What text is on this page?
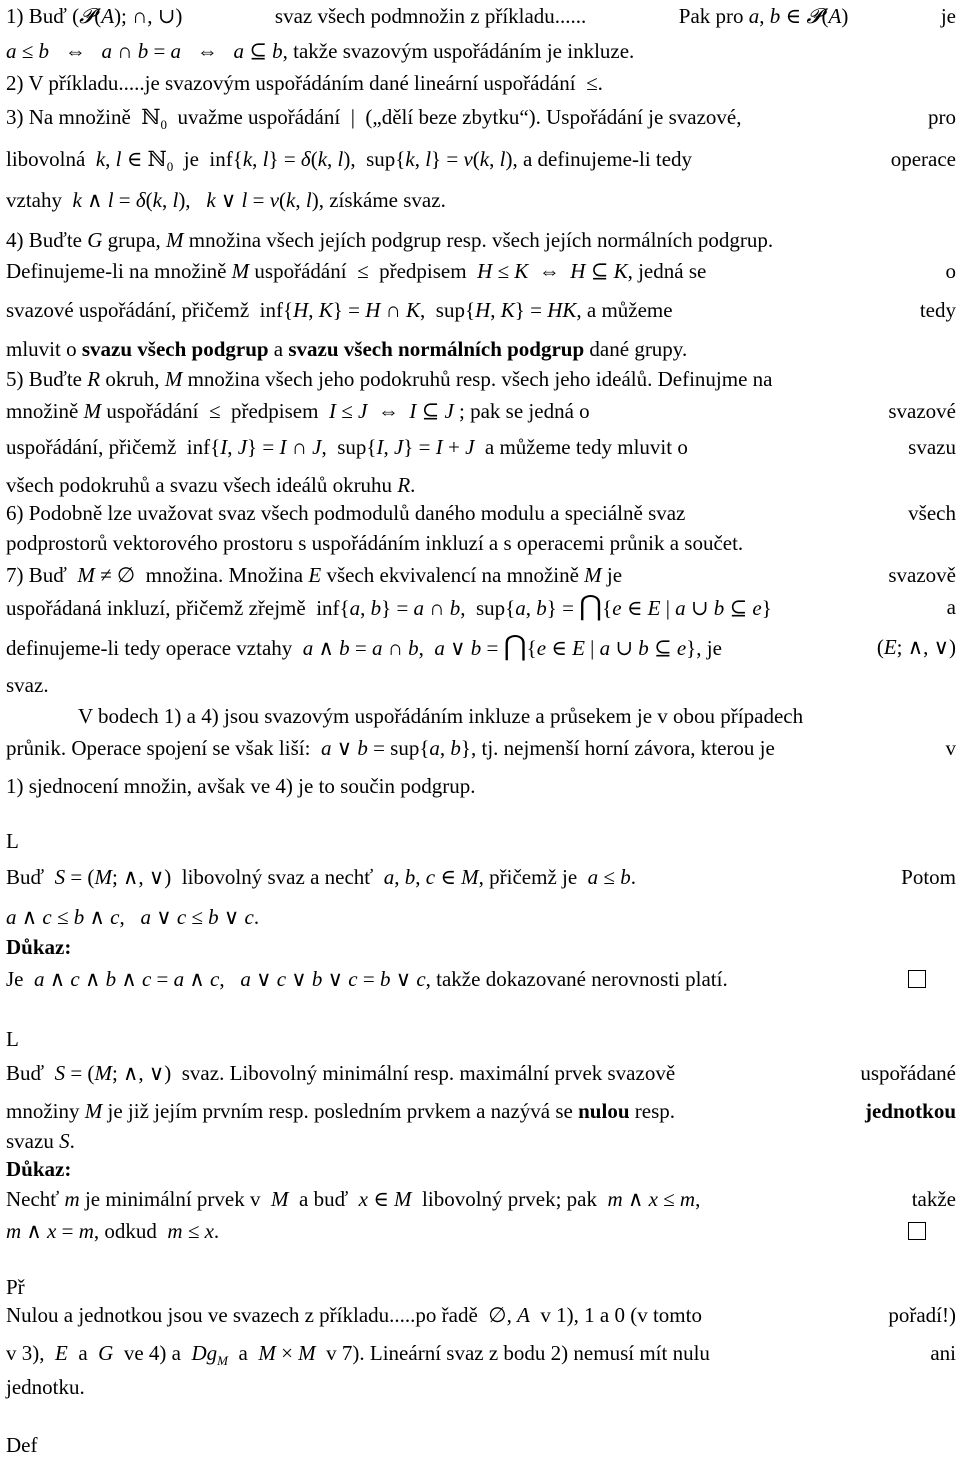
1) Buď (𝓟(A); ∩, ∪)	svaz všech podmnožin z příkladu......	Pak pro a, b ∈ 𝓟(A)	je
a ≤ b   ⇔   a ∩ b = a   ⇔   a ⊆ b, takže svazovým uspořádáním je inkluze.
2) V příkladu.....je svazovým uspořádáním dané lineární uspořádání  ≤.
3) Na množině  ℕ$_0$  uvažme uspořádání  |  („dělí beze zbytku“). Uspořádání je svazové,	pro
libovolná  k, l ∈ ℕ$_0$  je  inf{k, l} = δ(k, l),  sup{k, l} = ν(k, l), a definujeme-li tedy	operace
vztahy  k ∧ l = δ(k, l),   k ∨ l = ν(k, l), získáme svaz.
4) Buďte G grupa, M množina všech jejích podgrup resp. všech jejích normálních podgrup.
Definujeme-li na množině M uspořádání  ≤  předpisem  H ≤ K  ⇔  H ⊆ K, jedná se	o
svazové uspořádání, přičemž  inf{H, K} = H ∩ K,  sup{H, K} = HK, a můžeme	tedy
mluvit o svazu všech podgrup a svazu všech normálních podgrup dané grupy.
5) Buďte R okruh, M množina všech jeho podokruhů resp. všech jeho ideálů. Definujme na
množině M uspořádání  ≤  předpisem  I ≤ J  ⇔  I ⊆ J ; pak se jedná o	svazové
uspořádání, přičemž  inf{I, J} = I ∩ J,  sup{I, J} = I + J  a můžeme tedy mluvit o	svazu
všech podokruhů a svazu všech ideálů okruhu R.
6) Podobně lze uvažovat svaz všech podmodulů daného modulu a speciálně svaz	všech
podprostorů vektorového prostoru s uspořádáním inkluzí a s operacemi průnik a součet.
7) Buď  M ≠ ∅  množina. Množina E všech ekvivalencí na množině M je	svazově
uspořádaná inkluzí, přičemž zřejmě  inf{a, b} = a ∩ b,  sup{a, b} = ⋂{e ∈ E | a ∪ b ⊆ e}	a
definujeme-li tedy operace vztahy  a ∧ b = a ∩ b,  a ∨ b = ⋂{e ∈ E | a ∪ b ⊆ e}, je	(E; ∧, ∨)
svaz.
V bodech 1) a 4) jsou svazovým uspořádáním inkluze a průsekem je v obou případech
průnik. Operace spojení se však liší:  a ∨ b = sup{a, b}, tj. nejmenší horní závora, kterou je	v
1) sjednocení množin, avšak ve 4) je to součin podgrup.
L
Buď  S = (M; ∧, ∨)  libovolný svaz a nechť  a, b, c ∈ M, přičemž je  a ≤ b.	Potom
a ∧ c ≤ b ∧ c,   a ∨ c ≤ b ∨ c.
Důkaz:
Je  a ∧ c ∧ b ∧ c = a ∧ c,   a ∨ c ∨ b ∨ c = b ∨ c, takže dokazované nerovnosti platí.
L
Buď  S = (M; ∧, ∨)  svaz. Libovolný minimální resp. maximální prvek svazově	uspořádané
množiny M je již jejím prvním resp. posledním prvkem a nazývá se nulou resp.	jednotkou
svazu S.
Důkaz:
Nechť m je minimální prvek v  M  a buď  x ∈ M  libovolný prvek; pak  m ∧ x ≤ m,	takže
m ∧ x = m, odkud  m ≤ x.
Př
Nulou a jednotkou jsou ve svazech z příkladu.....po řadě  ∅, A  v 1), 1 a 0 (v tomto	pořadí!)
v 3),  E  a  G  ve 4) a  $Dg_M$  a  M × M  v 7). Lineární svaz z bodu 2) nemusí mít nulu	ani
jednotku.
Def
